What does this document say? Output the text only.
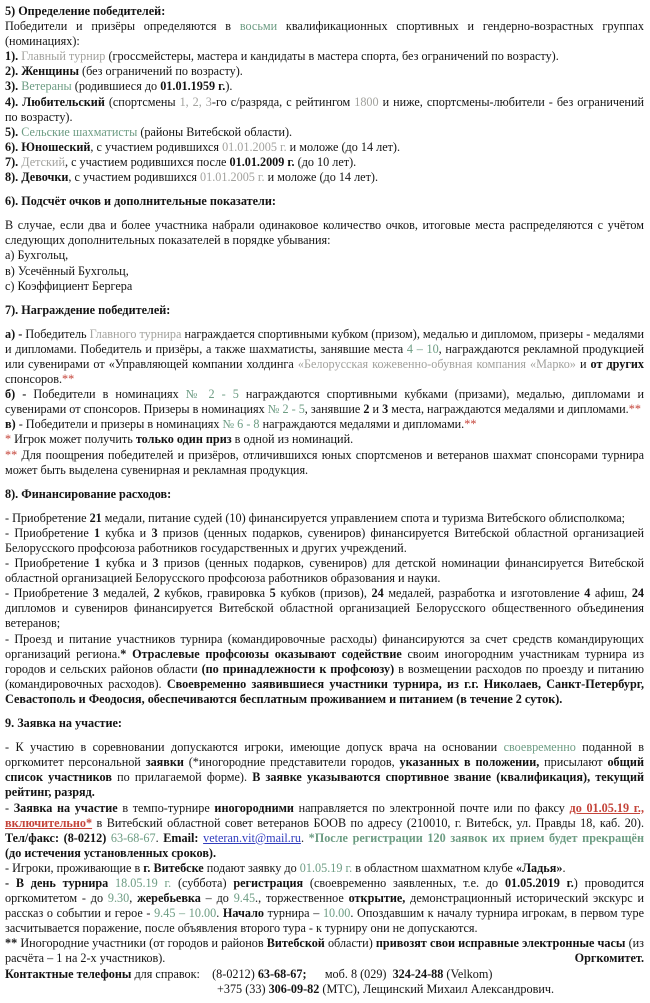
5) Определение победителей:

Победители и призёры определяются в восьми квалификационных спортивных и гендерно-возрастных группах (номинациях):

1). Главный турнир (гроссмейстеры, мастера и кандидаты в мастера спорта, без ограничений по возрасту).

2). Женщины (без ограничений по возрасту).

3). Ветераны (родившиеся до 01.01.1959 г.).

4). Любительский (спортсмены 1, 2, 3-го с/разряда, с рейтингом 1800 и ниже, спортсмены-любители - без ограничений по возрасту).

5). Сельские шахматисты (районы Витебской области).

6). Юношеский, с участием родившихся 01.01.2005 г. и моложе (до 14 лет).

7). Детский, с участием родившихся после 01.01.2009 г. (до 10 лет).

8). Девочки, с участием родившихся 01.01.2005 г. и моложе (до 14 лет).

6). Подсчёт очков и дополнительные показатели:

В случае, если два и более участника набрали одинаковое количество очков, итоговые места распределяются с учётом следующих дополнительных показателей в порядке убывания:

а) Бухгольц,

в) Усечённый Бухгольц,

с) Коэффициент Бергера

7). Награждение победителей:

а) - Победитель Главного турнира награждается спортивными кубком (призом), медалью и дипломом, призеры - медалями и дипломами. Победитель и призёры, а также шахматисты, занявшие места 4 – 10, награждаются рекламной продукцией или сувенирами от «Управляющей компании холдинга «Белорусская кожевенно-обувная компания «Марко» и от других спонсоров.**

б) - Победители в номинациях № 2 - 5 награждаются спортивными кубками (призами), медалью, дипломами и сувенирами от спонсоров. Призеры в номинациях № 2 - 5, занявшие 2 и 3 места, награждаются медалями и дипломами.**

в) - Победители и призеры в номинациях № 6 - 8 награждаются медалями и дипломами.**

* Игрок может получить только один приз в одной из номинаций.

** Для поощрения победителей и призёров, отличившихся юных спортсменов и ветеранов шахмат спонсорами турнира может быть выделена сувенирная и рекламная продукция.

8). Финансирование расходов:

- Приобретение 21 медали, питание судей (10) финансируется управлением спота и туризма Витебского облисполкома;

- Приобретение 1 кубка и 3 призов (ценных подарков, сувениров) финансируется Витебской областной организацией Белорусского профсоюза работников государственных и других учреждений.

- Приобретение 1 кубка и 3 призов (ценных подарков, сувениров) для детской номинации финансируется Витебской областной организацией Белорусского профсоюза работников образования и науки.

- Приобретение 3 медалей, 2 кубков, гравировка 5 кубков (призов), 24 медалей, разработка и изготовление 4 афиш, 24 дипломов и сувениров финансируется Витебской областной организацией Белорусского общественного объединения ветеранов;

- Проезд и питание участников турнира (командировочные расходы) финансируются за счет средств командирующих организаций региона.* Отраслевые профсоюзы оказывают содействие своим иногородним участникам турнира из городов и сельских районов области (по принадлежности к профсоюзу) в возмещении расходов по проезду и питанию (командировочных расходов). Своевременно заявившиеся участники турнира, из г.г. Николаев, Санкт-Петербург, Севастополь и Феодосия, обеспечиваются бесплатным проживанием и питанием (в течение 2 суток).

9. Заявка на участие:

- К участию в соревновании допускаются игроки, имеющие допуск врача на основании своевременно поданной в оргкомитет персональной заявки (*иногородние представители городов, указанных в положении, присылают общий список участников по прилагаемой форме). В заявке указываются спортивное звание (квалификация), текущий рейтинг, разряд.

- Заявка на участие в темпо-турнире иногородними направляется по электронной почте или по факсу до 01.05.19 г., включительно* в Витебский областной совет ветеранов БООВ по адресу (210010, г. Витебск, ул. Правды 18, каб. 20). Тел/факс: (8-0212) 63-68-67. Email: veteran.vit@mail.ru. *После регистрации 120 заявок их прием будет прекращён (до истечения установленных сроков).

- Игроки, проживающие в г. Витебске подают заявку до 01.05.19 г. в областном шахматном клубе «Ладья».

- В день турнира 18.05.19 г. (суббота) регистрация (своевременно заявленных, т.е. до 01.05.2019 г.) проводится оргкомитетом - до 9.30, жеребьевка – до 9.45., торжественное открытие, демонстрационный исторический экскурс и рассказ о событии и герое - 9.45 – 10.00. Начало турнира – 10.00. Опоздавшим к началу турнира игрокам, в первом туре засчитывается поражение, после объявления второго тура - к турниру они не допускаются.

** Иногородние участники (от городов и районов Витебской области) привозят свои исправные электронные часы (из расчёта – 1 на 2-х участников).	Оргкомитет.

Контактные телефоны для справок:    (8-0212) 63-68-67;      моб. 8 (029)  324-24-88 (Velkom)

+375 (33) 306-09-82 (МТС), Лещинский Михаил Александрович.
